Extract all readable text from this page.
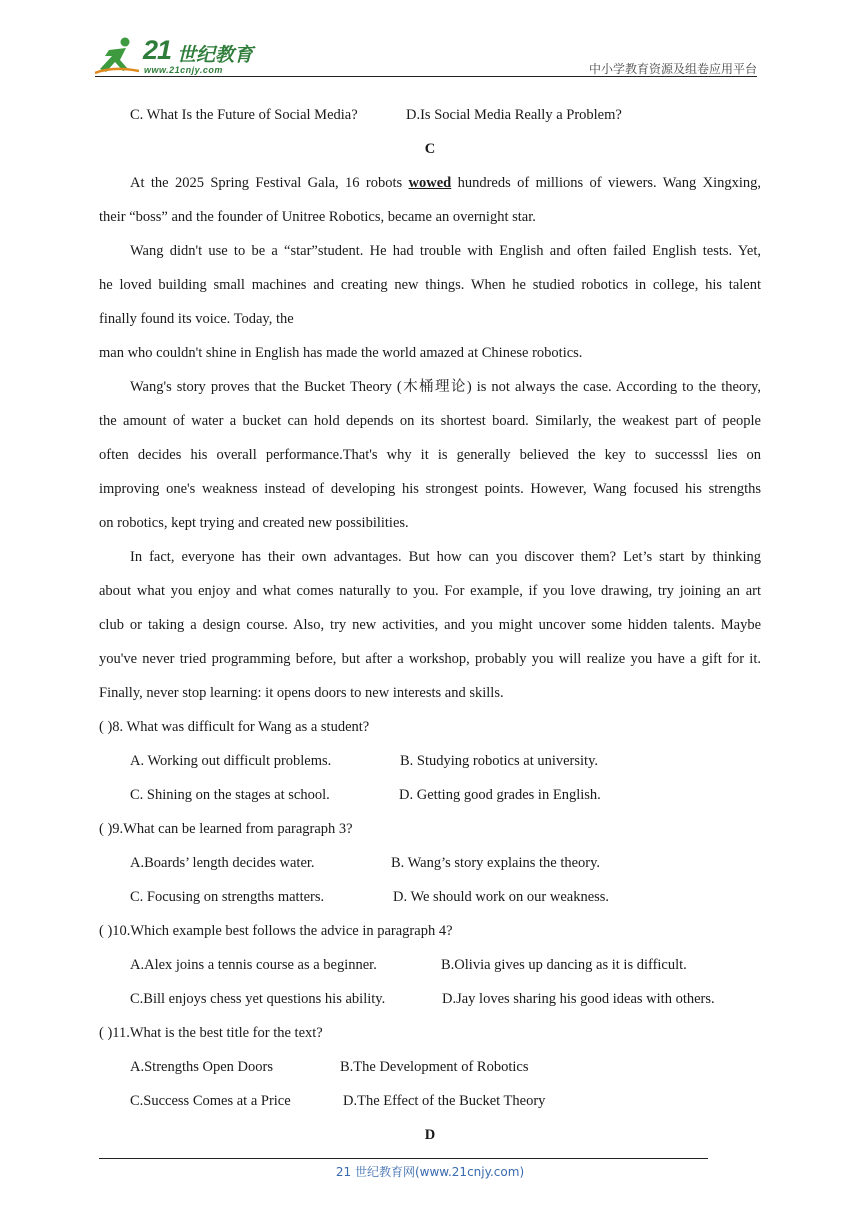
21 世纪教育
www.21cnjy.com	中小学教育资源及组卷应用平台
C. What Is the Future of Social Media?	D.Is Social Media Really a Problem?
C
At the 2025 Spring Festival Gala, 16 robots wowed hundreds of millions of viewers. Wang Xingxing,
their “boss” and the founder of Unitree Robotics, became an overnight star.
Wang didn't use to be a “star”student. He had trouble with English and often failed English tests. Yet,
he loved building small machines and creating new things. When he studied robotics in college, his talent
finally found its voice. Today, the
man who couldn't shine in English has made the world amazed at Chinese robotics.
Wang's story proves that the Bucket Theory (木桶理论) is not always the case. According to the theory,
the amount of water a bucket can hold depends on its shortest board. Similarly, the weakest part of people
often decides his overall performance.That's why it is generally believed the key to successsl lies on
improving one's weakness instead of developing his strongest points. However, Wang focused his strengths
on robotics, kept trying and created new possibilities.
In fact, everyone has their own advantages. But how can you discover them? Let’s start by thinking
about what you enjoy and what comes naturally to you. For example, if you love drawing, try joining an art
club or taking a design course. Also, try new activities, and you might uncover some hidden talents. Maybe
you've never tried programming before, but after a workshop, probably you will realize you have a gift for it.
Finally, never stop learning: it opens doors to new interests and skills.
( )8. What was difficult for Wang as a student?
A. Working out difficult problems.	B. Studying robotics at university.
C. Shining on the stages at school.	D. Getting good grades in English.
( )9.What can be learned from paragraph 3?
A.Boards’ length decides water.	B. Wang’s story explains the theory.
C. Focusing on strengths matters.	D. We should work on our weakness.
( )10.Which example best follows the advice in paragraph 4?
A.Alex joins a tennis course as a beginner.	B.Olivia gives up dancing as it is difficult.
C.Bill enjoys chess yet questions his ability.	D.Jay loves sharing his good ideas with others.
( )11.What is the best title for the text?
A.Strengths Open Doors	B.The Development of Robotics
C.Success Comes at a Price	D.The Effect of the Bucket Theory
D
21 世纪教育网(www.21cnjy.com)
